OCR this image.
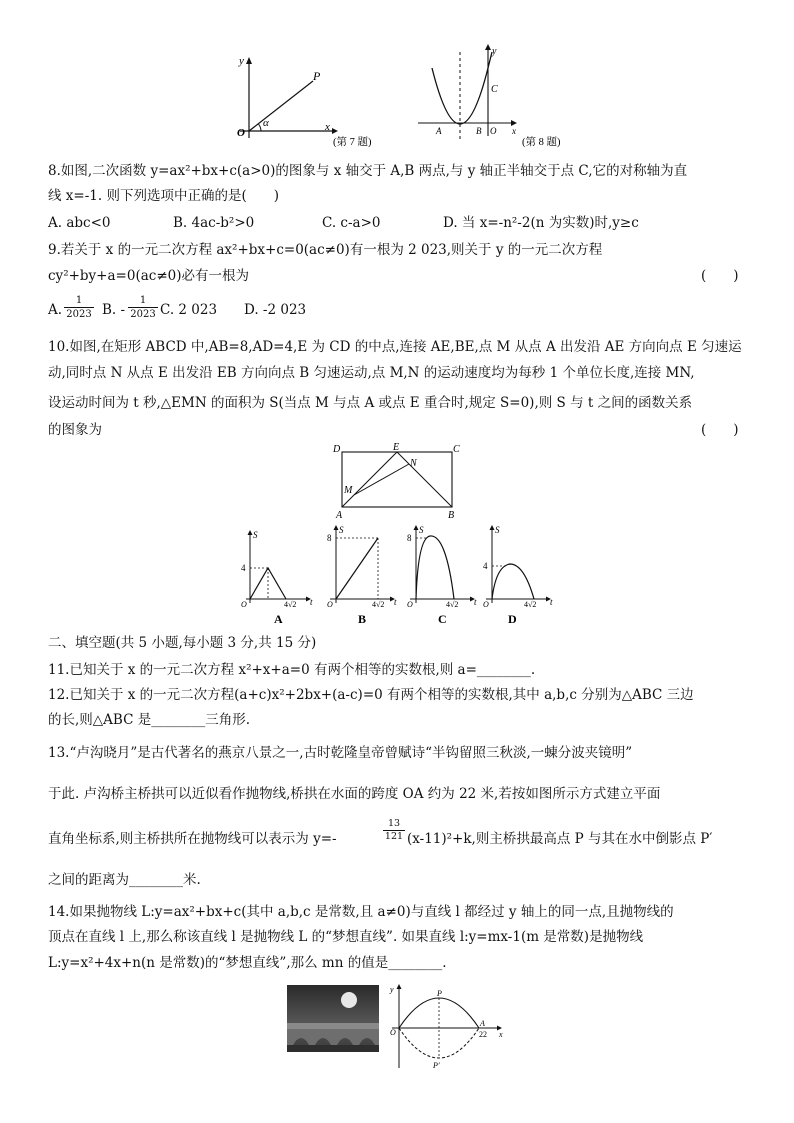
y
P
O
α	x
(第 7 题)
y
C
A	B O x
(第 8 题)
8.如图,二次函数 y=ax²+bx+c(a>0)的图象与 x 轴交于 A,B 两点,与 y 轴正半轴交于点 C,它的对称轴为直
线 x=-1. 则下列选项中正确的是(　　)
A. abc<0	B. 4ac-b²>0	C. c-a>0	D. 当 x=-n²-2(n 为实数)时,y≥c
9.若关于 x 的一元二次方程 ax²+bx+c=0(ac≠0)有一根为 2 023,则关于 y 的一元二次方程
cy²+by+a=0(ac≠0)必有一根为	(　　)
A. $\frac{1}{2023} B$. - $\frac{1}{2023} C$. 2 023 D. -2 023
10.如图,在矩形 ABCD 中,AB=8,AD=4,E 为 CD 的中点,连接 AE,BE,点 M 从点 A 出发沿 AE 方向向点 E 匀速运
动,同时点 N 从点 E 出发沿 EB 方向向点 B 匀速运动,点 M,N 的运动速度均为每秒 1 个单位长度,连接 MN,
设运动时间为 t 秒,△EMN 的面积为 S(当点 M 与点 A 或点 E 重合时,规定 S=0),则 S 与 t 之间的函数关系
的图象为	(　　)
D	E	C
N
M
A	B
S
4
O	4√2 t
A
S
8
O	4√2 t
B
S
8
O	4√2 t
C
S
4
O	4√2 t
D
二、填空题(共 5 小题,每小题 3 分,共 15 分)
11.已知关于 x 的一元二次方程 x²+x+a=0 有两个相等的实数根,则 a=________.
12.已知关于 x 的一元二次方程(a+c)x²+2bx+(a-c)=0 有两个相等的实数根,其中 a,b,c 分别为△ABC 三边
的长,则△ABC 是________三角形.
13.“卢沟晓月”是古代著名的燕京八景之一,古时乾隆皇帝曾赋诗“半钩留照三秋淡,一蝀分波夹镜明”
于此. 卢沟桥主桥拱可以近似看作抛物线,桥拱在水面的跨度 OA 约为 22 米,若按如图所示方式建立平面
直角坐标系,则主桥拱所在抛物线可以表示为 y=-	$\frac{13}{121} (x-11)^2+k$,则主桥拱最高点 P 与其在水中倒影点 P′
之间的距离为________米.
14.如果抛物线 L:y=ax²+bx+c(其中 a,b,c 是常数,且 a≠0)与直线 l 都经过 y 轴上的同一点,且抛物线的
顶点在直线 l 上,那么称该直线 l 是抛物线 L 的“梦想直线”. 如果直线 l:y=mx-1(m 是常数)是抛物线
L:y=x²+4x+n(n 是常数)的“梦想直线”,那么 mn 的值是________.
y	P
O
A
22 x
P′
